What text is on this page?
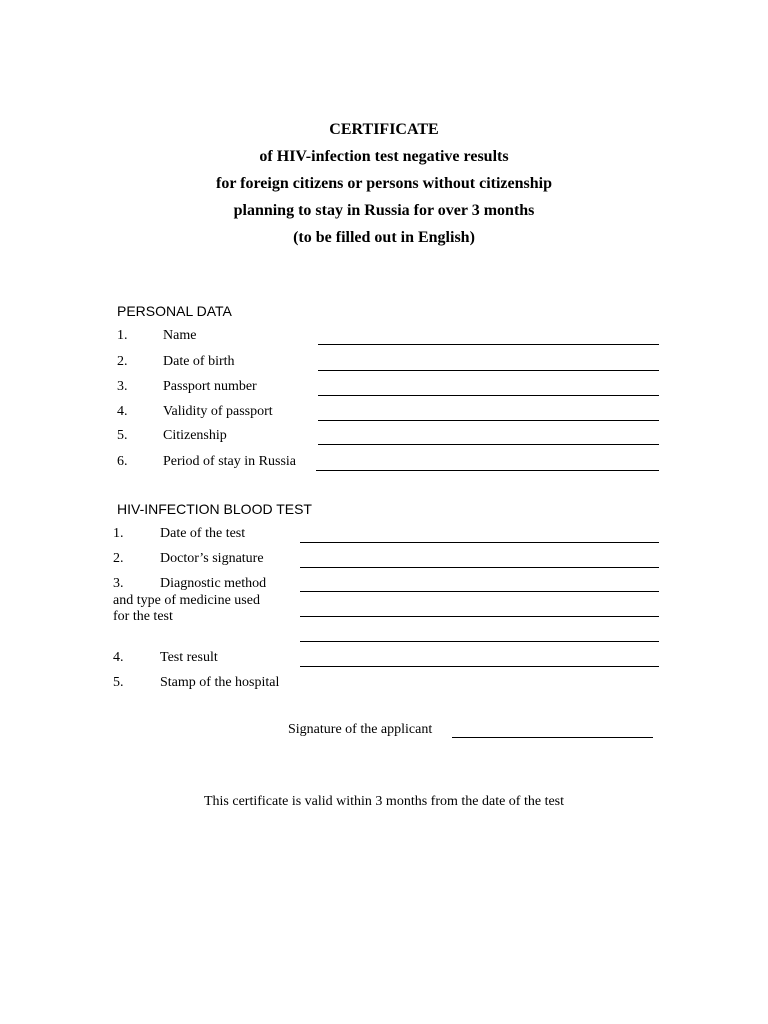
CERTIFICATE
of HIV-infection test negative results
for foreign citizens or persons without citizenship
planning to stay in Russia for over 3 months
(to be filled out in English)
PERSONAL DATA
1.	Name
2.	Date of birth
3.	Passport number
4.	Validity of passport
5.	Citizenship
6.	Period of stay in Russia
HIV-INFECTION BLOOD TEST
1.	Date of the test
2.	Doctor’s signature
3.	Diagnostic method
and type of medicine used
for the test
4.	Test result
5.	Stamp of the hospital
Signature of the applicant
This certificate is valid within 3 months from the date of the test
